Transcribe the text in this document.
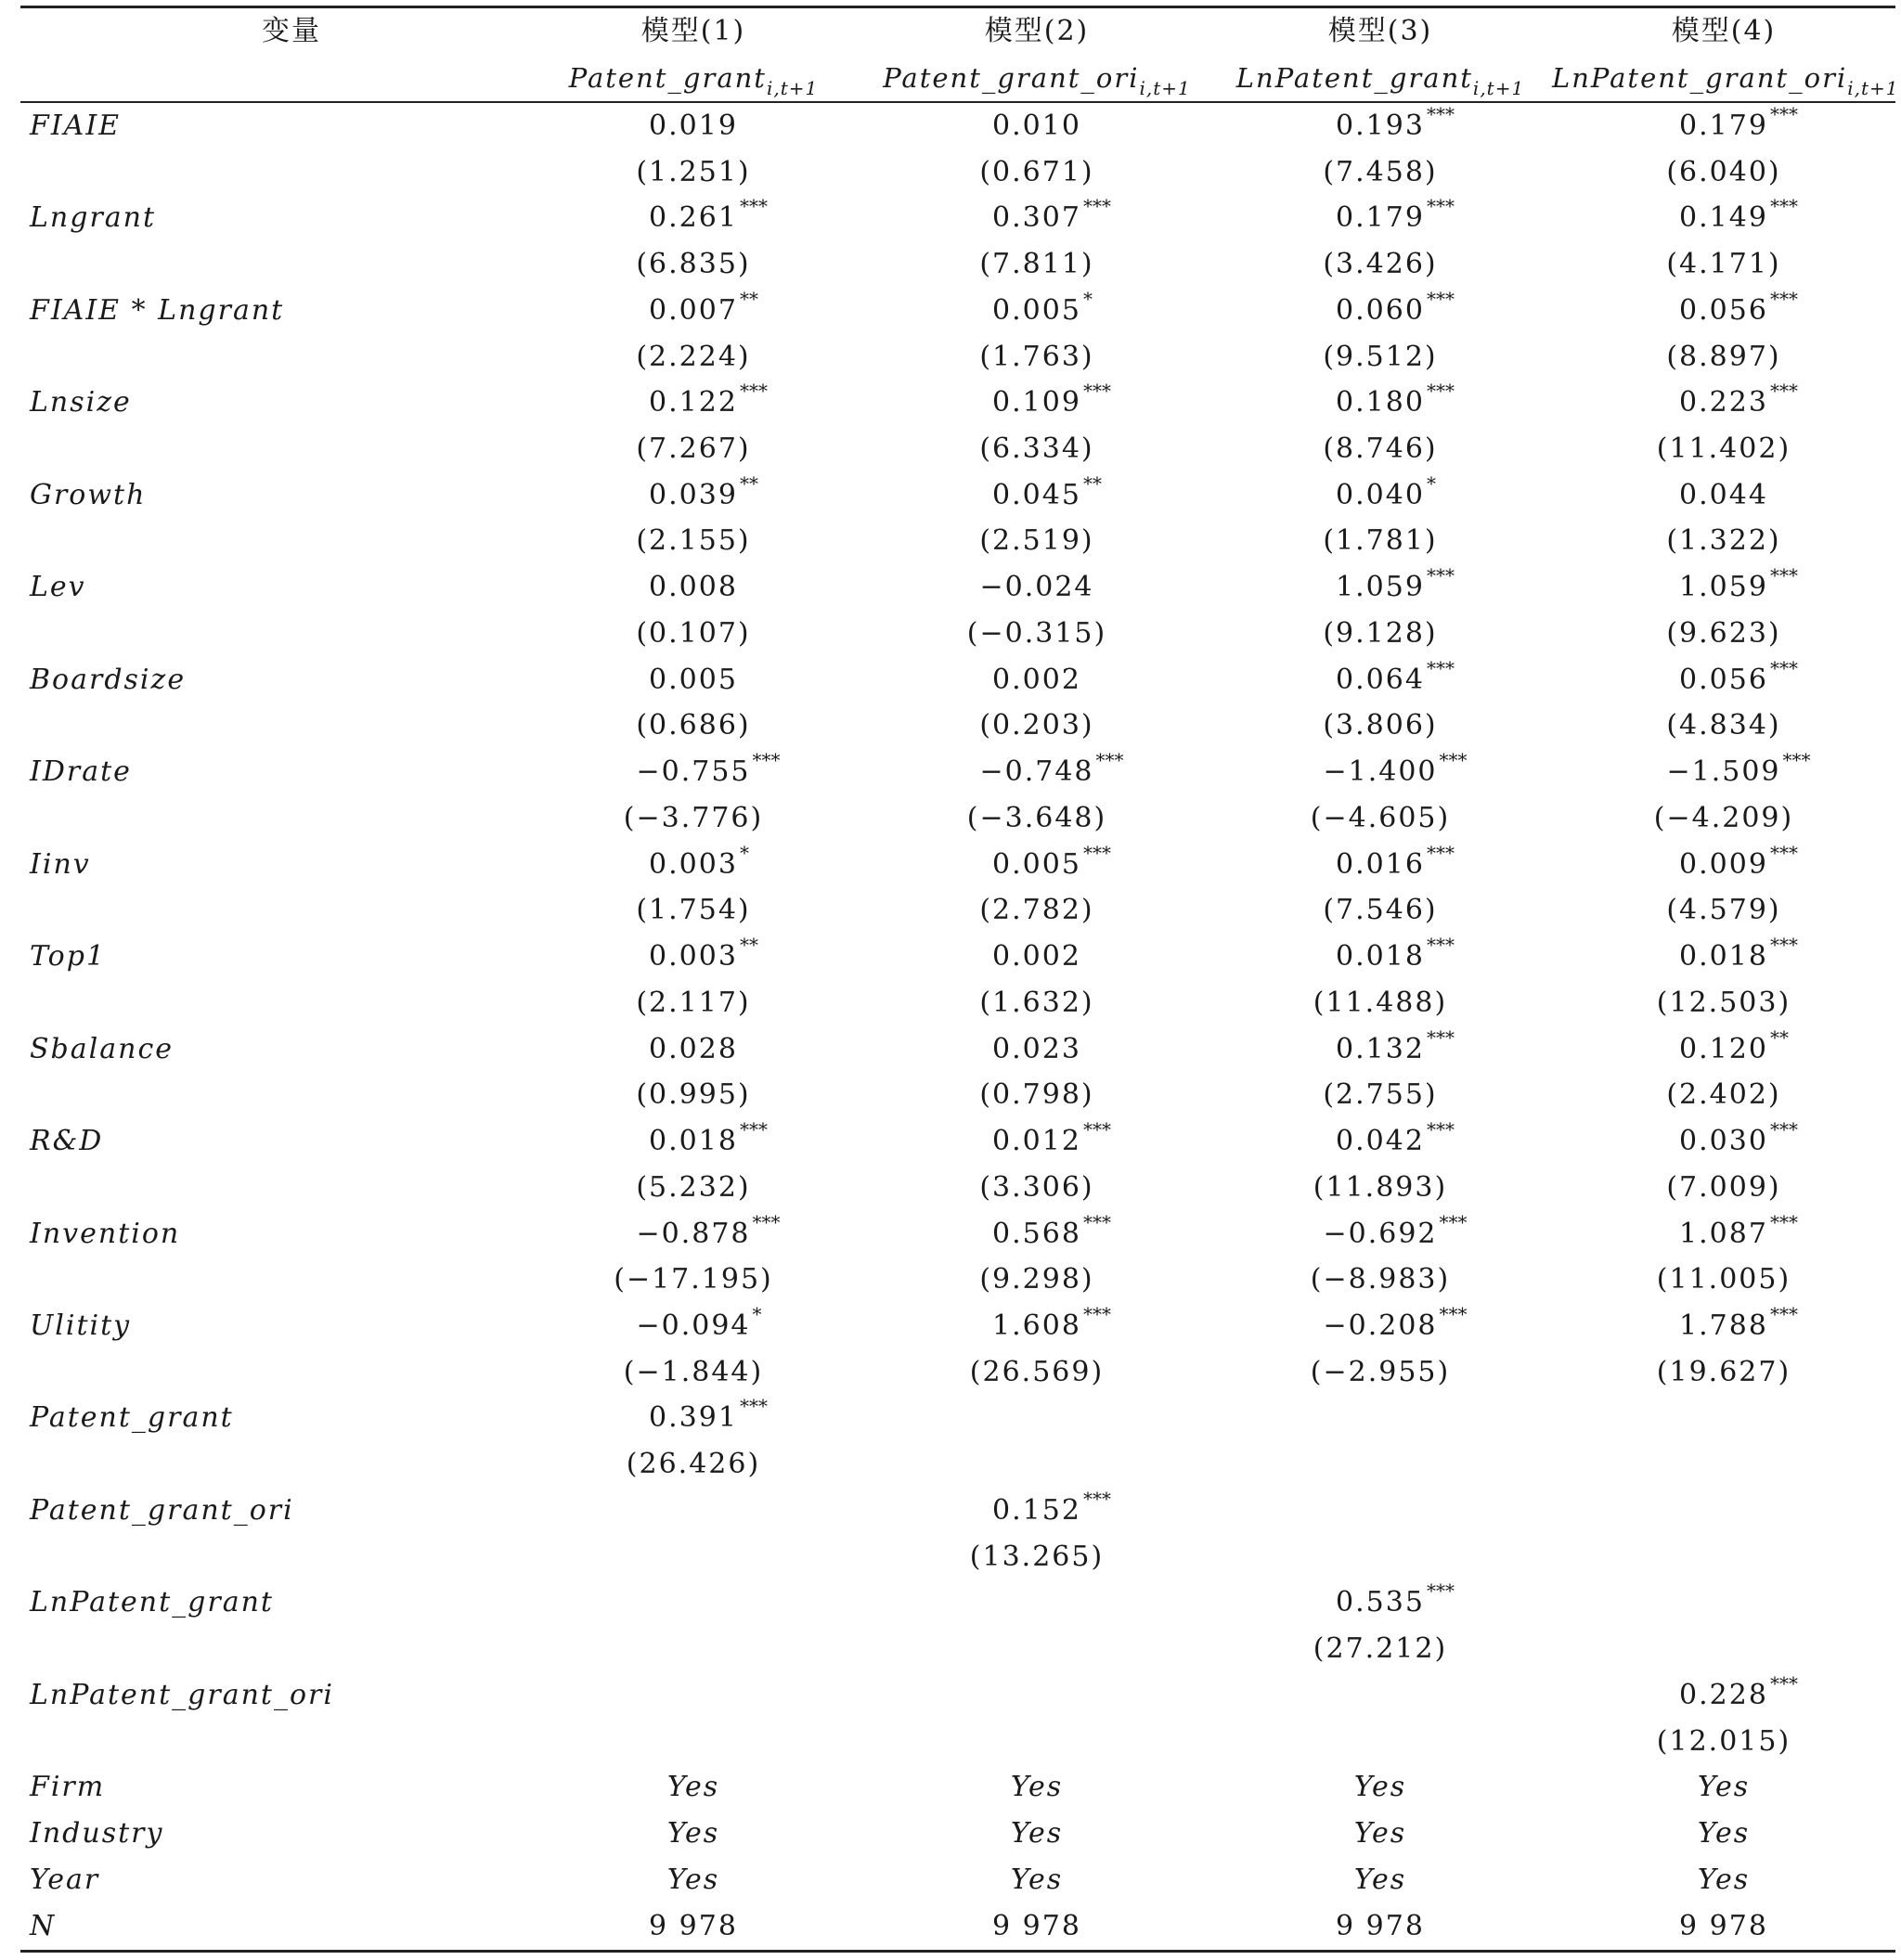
变量	模型(1)	模型(2)	模型(3)	模型(4)
	Patent_grant$_{i,t+1}$	Patent_grant_ori$_{i,t+1}$	LnPatent_grant$_{i,t+1}$	LnPatent_grant_ori$_{i,t+1}$
FIAIE	0.019	0.010	0.193 ***	0.179 ***

	(1.251)	(0.671)	(7.458)	(6.040)
Lngrant	0.261 ***	0.307 ***	0.179 ***	0.149 ***

	(6.835)	(7.811)	(3.426)	(4.171)
FIAIE * Lngrant	0.007 **	0.005 *	0.060 ***	0.056 ***

	(2.224)	(1.763)	(9.512)	(8.897)
Lnsize	0.122 ***	0.109 ***	0.180 ***	0.223 ***

	(7.267)	(6.334)	(8.746)	(11.402)
Growth	0.039 **	0.045 **	0.040 *	0.044

	(2.155)	(2.519)	(1.781)	(1.322)
Lev	0.008	−0.024	1.059 ***	1.059 ***

	(0.107)	(−0.315)	(9.128)	(9.623)
Boardsize	0.005	0.002	0.064 ***	0.056 ***

	(0.686)	(0.203)	(3.806)	(4.834)
IDrate	−0.755 ***	−0.748 ***	−1.400 ***	−1.509 ***

	(−3.776)	(−3.648)	(−4.605)	(−4.209)
Iinv	0.003 *	0.005 ***	0.016 ***	0.009 ***

	(1.754)	(2.782)	(7.546)	(4.579)
Top1	0.003 **	0.002	0.018 ***	0.018 ***

	(2.117)	(1.632)	(11.488)	(12.503)
Sbalance	0.028	0.023	0.132 ***	0.120 **

	(0.995)	(0.798)	(2.755)	(2.402)
R&D	0.018 ***	0.012 ***	0.042 ***	0.030 ***

	(5.232)	(3.306)	(11.893)	(7.009)
Invention	−0.878 ***	0.568 ***	−0.692 ***	1.087 ***

	(−17.195)	(9.298)	(−8.983)	(11.005)
Ulitity	−0.094 *	1.608 ***	−0.208 ***	1.788 ***

	(−1.844)	(26.569)	(−2.955)	(19.627)
Patent_grant	0.391 ***			

	(26.426)			
Patent_grant_ori		0.152 ***		

		(13.265)		
LnPatent_grant			0.535 ***	

			(27.212)	
LnPatent_grant_ori				0.228 ***

				(12.015)
Firm	Yes	Yes	Yes	Yes
Industry	Yes	Yes	Yes	Yes
Year	Yes	Yes	Yes	Yes
N	9 978	9 978	9 978	9 978
